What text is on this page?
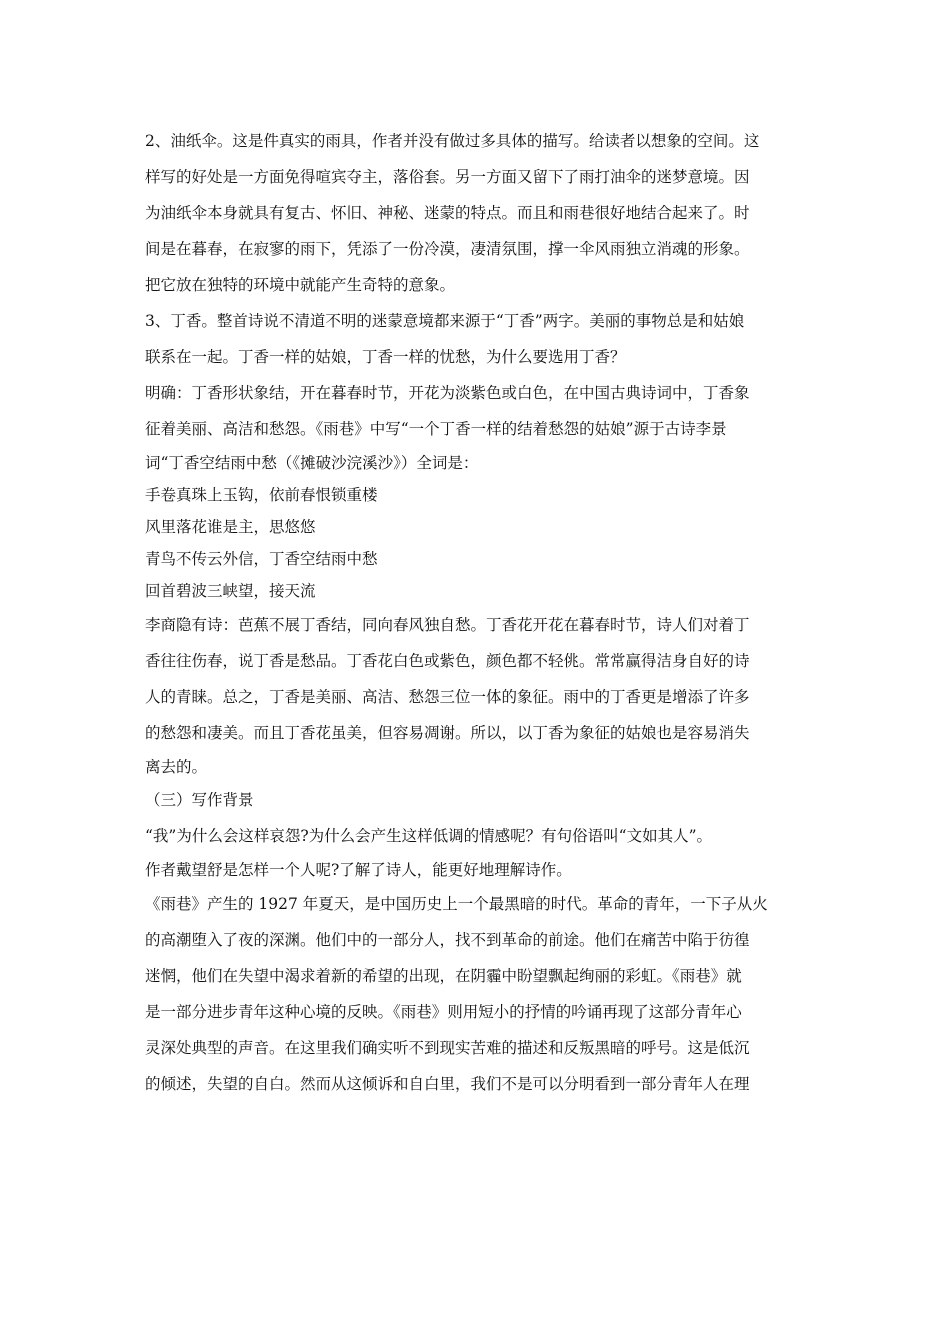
2、油纸伞。这是件真实的雨具，作者并没有做过多具体的描写。给读者以想象的空间。这

样写的好处是一方面免得喧宾夺主，落俗套。另一方面又留下了雨打油伞的迷梦意境。因

为油纸伞本身就具有复古、怀旧、神秘、迷蒙的特点。而且和雨巷很好地结合起来了。时

间是在暮春，在寂寥的雨下，凭添了一份冷漠，凄清氛围，撑一伞风雨独立消魂的形象。

把它放在独特的环境中就能产生奇特的意象。

3、丁香。整首诗说不清道不明的迷蒙意境都来源于“丁香”两字。美丽的事物总是和姑娘

联系在一起。丁香一样的姑娘，丁香一样的忧愁，为什么要选用丁香？

明确：丁香形状象结，开在暮春时节，开花为淡紫色或白色，在中国古典诗词中，丁香象

征着美丽、高洁和愁怨。《雨巷》中写“一个丁香一样的结着愁怨的姑娘”源于古诗李景

词“丁香空结雨中愁（《摊破沙浣溪沙》）全词是：

手卷真珠上玉钩，依前春恨锁重楼

风里落花谁是主，思悠悠

青鸟不传云外信，丁香空结雨中愁

回首碧波三峡望，接天流

李商隐有诗：芭蕉不展丁香结，同向春风独自愁。丁香花开花在暮春时节，诗人们对着丁

香往往伤春，说丁香是愁品。丁香花白色或紫色，颜色都不轻佻。常常赢得洁身自好的诗

人的青睐。总之，丁香是美丽、高洁、愁怨三位一体的象征。雨中的丁香更是增添了许多

的愁怨和凄美。而且丁香花虽美，但容易凋谢。所以，以丁香为象征的姑娘也是容易消失

离去的。

（三）写作背景

“我”为什么会这样哀怨?为什么会产生这样低调的情感呢？有句俗语叫“文如其人”。

作者戴望舒是怎样一个人呢?了解了诗人，能更好地理解诗作。

《雨巷》产生的 1927 年夏天，是中国历史上一个最黑暗的时代。革命的青年，一下子从火

的高潮堕入了夜的深渊。他们中的一部分人，找不到革命的前途。他们在痛苦中陷于彷徨

迷惘，他们在失望中渴求着新的希望的出现，在阴霾中盼望飘起绚丽的彩虹。《雨巷》就

是一部分进步青年这种心境的反映。《雨巷》则用短小的抒情的吟诵再现了这部分青年心

灵深处典型的声音。在这里我们确实听不到现实苦难的描述和反叛黑暗的呼号。这是低沉

的倾述，失望的自白。然而从这倾诉和自白里，我们不是可以分明看到一部分青年人在理
